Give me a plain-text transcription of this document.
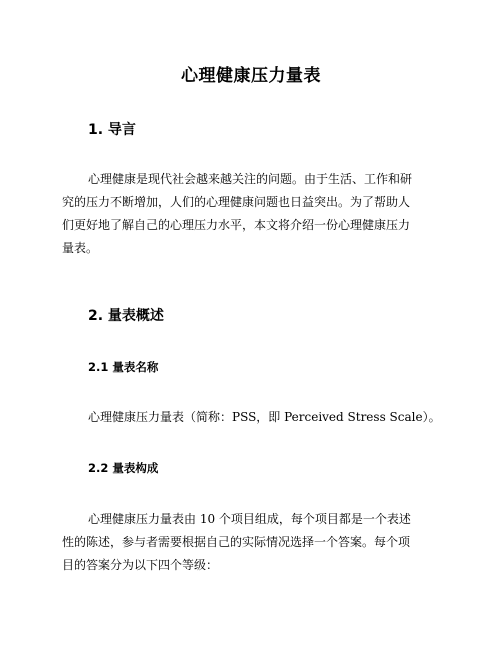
心理健康压力量表
1. 导言

心理健康是现代社会越来越关注的问题。由于生活、工作和研
究的压力不断增加，人们的心理健康问题也日益突出。为了帮助人
们更好地了解自己的心理压力水平，本文将介绍一份心理健康压力
量表。

2. 量表概述
2.1 量表名称

心理健康压力量表（简称：PSS，即 Perceived Stress Scale）。

2.2 量表构成

心理健康压力量表由 10 个项目组成，每个项目都是一个表述
性的陈述，参与者需要根据自己的实际情况选择一个答案。每个项
目的答案分为以下四个等级：
